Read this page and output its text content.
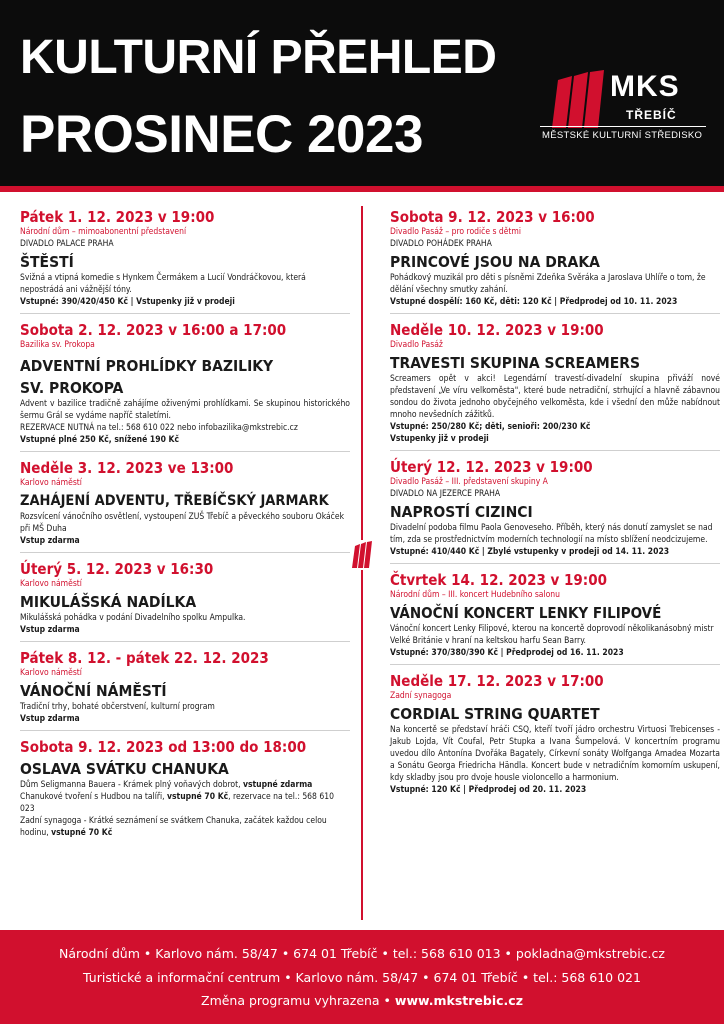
KULTURNÍ PŘEHLED
PROSINEC 2023
MKS
TŘEBÍČ
MĚSTSKÉ KULTURNÍ STŘEDISKO
Pátek 1. 12. 2023 v 19:00
Národní dům – mimoabonentní představení
DIVADLO PALACE PRAHA
ŠTĚSTÍ
Svižná a vtipná komedie s Hynkem Čermákem a Lucií Vondráčkovou, která nepostrádá ani vážnější tóny.
Vstupné: 390/420/450 Kč | Vstupenky již v prodeji
Sobota 2. 12. 2023 v 16:00 a 17:00
Bazilika sv. Prokopa
ADVENTNÍ PROHLÍDKY BAZILIKY
SV. PROKOPA
Advent v bazilice tradičně zahájíme oživenými prohlídkami. Se skupinou historického šermu Grál se vydáme napříč staletími.
REZERVACE NUTNÁ na tel.: 568 610 022 nebo infobazilika@mkstrebic.cz
Vstupné plné 250 Kč, snížené 190 Kč
Neděle 3. 12. 2023 ve 13:00
Karlovo náměstí
ZAHÁJENÍ ADVENTU, TŘEBÍČSKÝ JARMARK
Rozsvícení vánočního osvětlení, vystoupení ZUŠ Třebíč a pěveckého souboru Okáček při MŠ Duha
Vstup zdarma
Úterý 5. 12. 2023 v 16:30
Karlovo náměstí
MIKULÁŠSKÁ NADÍLKA
Mikulášská pohádka v podání Divadelního spolku Ampulka.
Vstup zdarma
Pátek 8. 12. - pátek 22. 12. 2023
Karlovo náměstí
VÁNOČNÍ NÁMĚSTÍ
Tradiční trhy, bohaté občerstvení, kulturní program
Vstup zdarma
Sobota 9. 12. 2023 od 13:00 do 18:00
OSLAVA SVÁTKU CHANUKA
Dům Seligmanna Bauera - Krámek plný voňavých dobrot, vstupné zdarma
Chanukové tvoření s Hudbou na talíři, vstupné 70 Kč, rezervace na tel.: 568 610 023
Zadní synagoga - Krátké seznámení se svátkem Chanuka, začátek každou celou hodinu, vstupné 70 Kč
Sobota 9. 12. 2023 v 16:00
Divadlo Pasáž – pro rodiče s dětmi
DIVADLO POHÁDEK PRAHA
PRINCOVÉ JSOU NA DRAKA
Pohádkový muzikál pro děti s písněmi Zdeňka Svěráka a Jaroslava Uhlíře o tom, že dělání všechny smutky zahání.
Vstupné dospělí: 160 Kč, děti: 120 Kč | Předprodej od 10. 11. 2023
Neděle 10. 12. 2023 v 19:00
Divadlo Pasáž
TRAVESTI SKUPINA SCREAMERS
Screamers opět v akci! Legendární travestí-divadelní skupina přiváží nové představení „Ve víru velkoměsta", které bude netradiční, strhující a hlavně zábavnou sondou do života jednoho obyčejného velkoměsta, kde i všední den může nabídnout mnoho nevšedních zážitků.
Vstupné: 250/280 Kč; děti, senioři: 200/230 Kč
Vstupenky již v prodeji
Úterý 12. 12. 2023 v 19:00
Divadlo Pasáž – III. představení skupiny A
DIVADLO NA JEZERCE PRAHA
NAPROSTÍ CIZINCI
Divadelní podoba filmu Paola Genoveseho. Příběh, který nás donutí zamyslet se nad tím, zda se prostřednictvím moderních technologií na místo sblížení neodcizujeme.
Vstupné: 410/440 Kč | Zbylé vstupenky v prodeji od 14. 11. 2023
Čtvrtek 14. 12. 2023 v 19:00
Národní dům – III. koncert Hudebního salonu
VÁNOČNÍ KONCERT LENKY FILIPOVÉ
Vánoční koncert Lenky Filipové, kterou na koncertě doprovodí několikanásobný mistr Velké Británie v hraní na keltskou harfu Sean Barry.
Vstupné: 370/380/390 Kč | Předprodej od 16. 11. 2023
Neděle 17. 12. 2023 v 17:00
Zadní synagoga
CORDIAL STRING QUARTET
Na koncertě se představí hráči CSQ, kteří tvoří jádro orchestru Virtuosi Trebicenses - Jakub Lojda, Vít Coufal, Petr Stupka a Ivana Šumpelová. V koncertním programu uvedou dílo Antonína Dvořáka Bagately, Církevní sonáty Wolfganga Amadea Mozarta a Sonátu Georga Friedricha Händla. Koncert bude v netradičním komorním uskupení, kdy skladby jsou pro dvoje housle violoncello a harmonium.
Vstupné: 120 Kč | Předprodej od 20. 11. 2023
Národní dům • Karlovo nám. 58/47 • 674 01 Třebíč • tel.: 568 610 013 • pokladna@mkstrebic.cz
Turistické a informační centrum • Karlovo nám. 58/47 • 674 01 Třebíč • tel.: 568 610 021
Změna programu vyhrazena • www.mkstrebic.cz
